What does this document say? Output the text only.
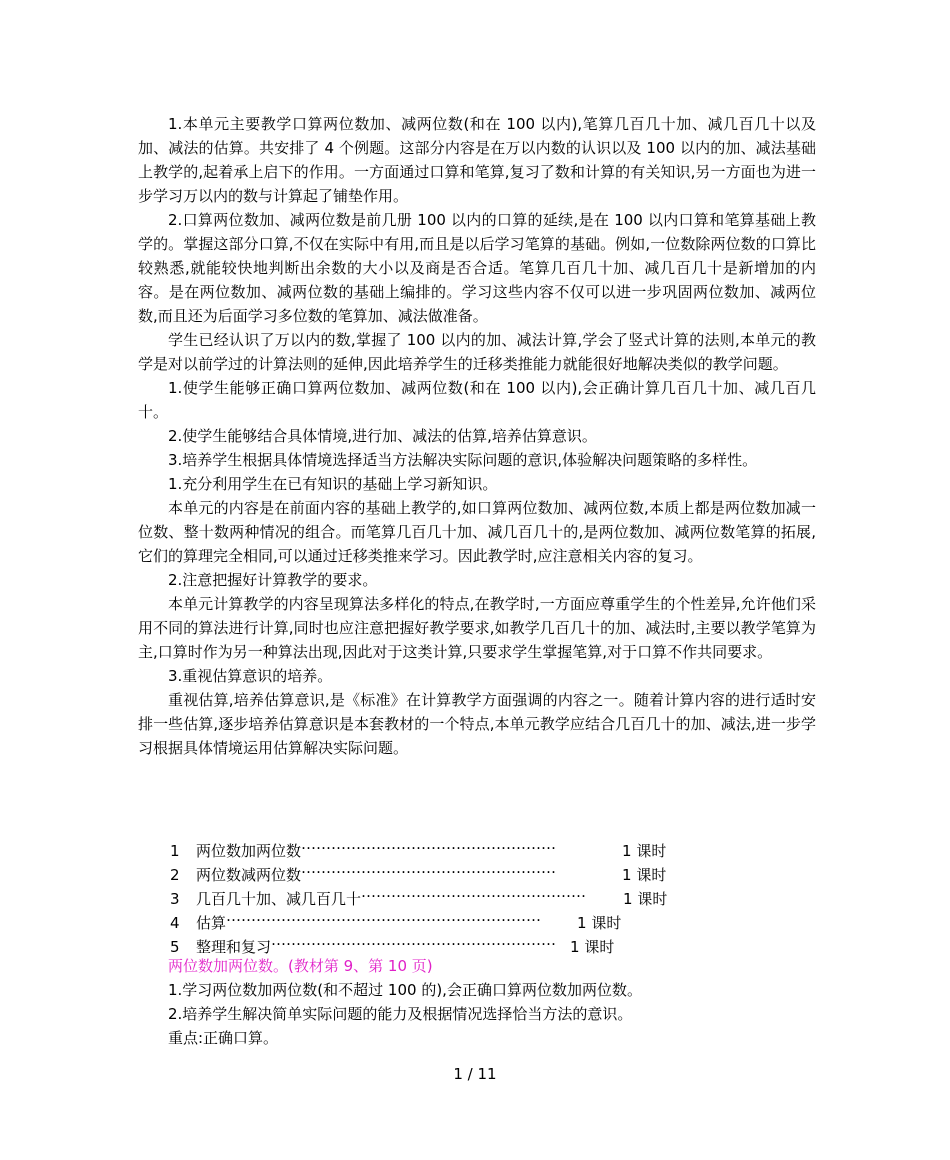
1.本单元主要教学口算两位数加、减两位数(和在 100 以内),笔算几百几十加、减几百几十以及加、减法的估算。共安排了 4 个例题。这部分内容是在万以内数的认识以及 100 以内的加、减法基础上教学的,起着承上启下的作用。一方面通过口算和笔算,复习了数和计算的有关知识,另一方面也为进一步学习万以内的数与计算起了铺垫作用。

2.口算两位数加、减两位数是前几册 100 以内的口算的延续,是在 100 以内口算和笔算基础上教学的。掌握这部分口算,不仅在实际中有用,而且是以后学习笔算的基础。例如,一位数除两位数的口算比较熟悉,就能较快地判断出余数的大小以及商是否合适。笔算几百几十加、减几百几十是新增加的内容。是在两位数加、减两位数的基础上编排的。学习这些内容不仅可以进一步巩固两位数加、减两位数,而且还为后面学习多位数的笔算加、减法做准备。

学生已经认识了万以内的数,掌握了 100 以内的加、减法计算,学会了竖式计算的法则,本单元的教学是对以前学过的计算法则的延伸,因此培养学生的迁移类推能力就能很好地解决类似的教学问题。

1.使学生能够正确口算两位数加、减两位数(和在 100 以内),会正确计算几百几十加、减几百几十。

2.使学生能够结合具体情境,进行加、减法的估算,培养估算意识。

3.培养学生根据具体情境选择适当方法解决实际问题的意识,体验解决问题策略的多样性。

1.充分利用学生在已有知识的基础上学习新知识。

本单元的内容是在前面内容的基础上教学的,如口算两位数加、减两位数,本质上都是两位数加减一位数、整十数两种情况的组合。而笔算几百几十加、减几百几十的,是两位数加、减两位数笔算的拓展,它们的算理完全相同,可以通过迁移类推来学习。因此教学时,应注意相关内容的复习。

2.注意把握好计算教学的要求。

本单元计算教学的内容呈现算法多样化的特点,在教学时,一方面应尊重学生的个性差异,允许他们采用不同的算法进行计算,同时也应注意把握好教学要求,如教学几百几十的加、减法时,主要以教学笔算为主,口算时作为另一种算法出现,因此对于这类计算,只要求学生掌握笔算,对于口算不作共同要求。

3.重视估算意识的培养。

重视估算,培养估算意识,是《标准》在计算教学方面强调的内容之一。随着计算内容的进行适时安排一些估算,逐步培养估算意识是本套教材的一个特点,本单元教学应结合几百几十的加、减法,进一步学习根据具体情境运用估算解决实际问题。

1 两位数加两位数……………………………………………	1 课时
2 两位数减两位数……………………………………………	1 课时
3 几百几十加、减几百几十……………………………………… 1 课时
4 估算……………………………………………………… 1 课时
5 整理和复习………………………………………………… 1 课时

两位数加两位数。(教材第 9、第 10 页)

1.学习两位数加两位数(和不超过 100 的),会正确口算两位数加两位数。

2.培养学生解决简单实际问题的能力及根据情况选择恰当方法的意识。

重点:正确口算。

1 / 11
